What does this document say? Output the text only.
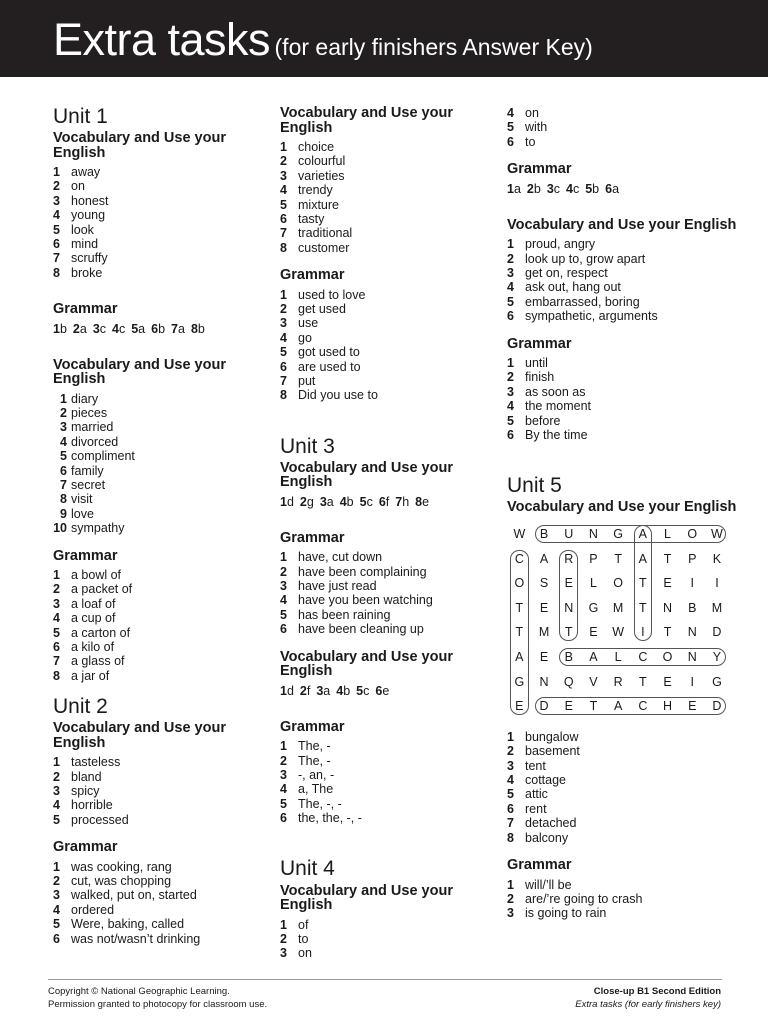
Extra tasks (for early finishers Answer Key)
Unit 1
Vocabulary and Use your English
1 away
2 on
3 honest
4 young
5 look
6 mind
7 scruffy
8 broke
Grammar
1b 2a 3c 4c 5a 6b 7a 8b
Vocabulary and Use your English
1 diary
2 pieces
3 married
4 divorced
5 compliment
6 family
7 secret
8 visit
9 love
10 sympathy
Grammar
1 a bowl of
2 a packet of
3 a loaf of
4 a cup of
5 a carton of
6 a kilo of
7 a glass of
8 a jar of
Unit 2
Vocabulary and Use your English
1 tasteless
2 bland
3 spicy
4 horrible
5 processed
Grammar
1 was cooking, rang
2 cut, was chopping
3 walked, put on, started
4 ordered
5 Were, baking, called
6 was not/wasn’t drinking
Vocabulary and Use your English
1 choice
2 colourful
3 varieties
4 trendy
5 mixture
6 tasty
7 traditional
8 customer
Grammar
1 used to love
2 get used
3 use
4 go
5 got used to
6 are used to
7 put
8 Did you use to
Unit 3
Vocabulary and Use your English
1d 2g 3a 4b 5c 6f 7h 8e
Grammar
1 have, cut down
2 have been complaining
3 have just read
4 have you been watching
5 has been raining
6 have been cleaning up
Vocabulary and Use your English
1d 2f 3a 4b 5c 6e
Grammar
1 The, -
2 The, -
3 -, an, -
4 a, The
5 The, -, -
6 the, the, -, -
Unit 4
Vocabulary and Use your English
1 of
2 to
3 on
4 on
5 with
6 to
Grammar
1a 2b 3c 4c 5b 6a
Vocabulary and Use your English
1 proud, angry
2 look up to, grow apart
3 get on, respect
4 ask out, hang out
5 embarrassed, boring
6 sympathetic, arguments
Grammar
1 until
2 finish
3 as soon as
4 the moment
5 before
6 By the time
Unit 5
Vocabulary and Use your English
W	B	U	N	G	A	L	O	W
C	A	R	P	T	A	T	P	K
O	S	E	L	O	T	E	I	I
T	E	N	G	M	T	N	B	M
T	M	T	E	W	I	T	N	D
A	E	B	A	L	C	O	N	Y
G	N	Q	V	R	T	E	I	G
E	D	E	T	A	C	H	E	D
1 bungalow
2 basement
3 tent
4 cottage
5 attic
6 rent
7 detached
8 balcony
Grammar
1 will/’ll be
2 are/’re going to crash
3 is going to rain
Copyright © National Geographic Learning.
Permission granted to photocopy for classroom use.
Close-up B1 Second Edition
Extra tasks (for early finishers key)
